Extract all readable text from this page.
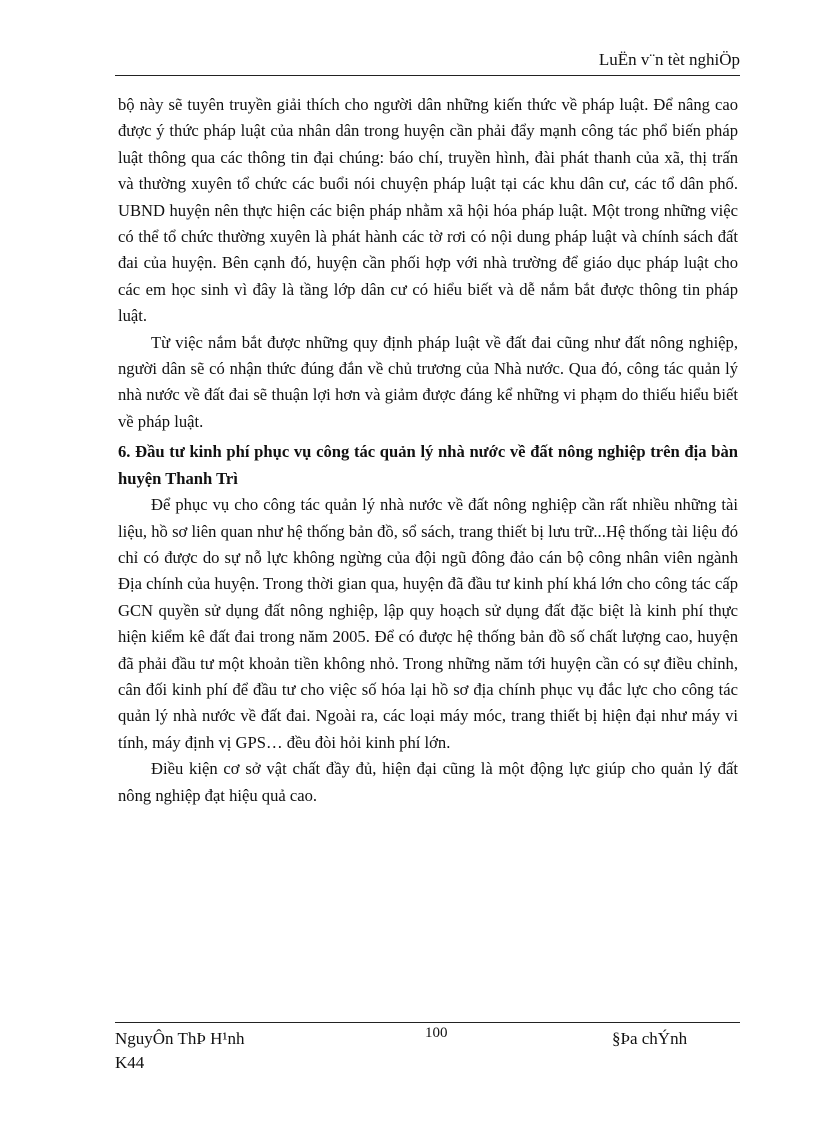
LuËn v¨n tèt nghiÖp

bộ này sẽ tuyên truyền giải thích cho người dân những kiến thức về pháp luật. Để nâng cao được ý thức pháp luật của nhân dân trong huyện cần phải đẩy mạnh công tác phổ biến pháp luật thông qua các thông tin đại chúng: báo chí, truyền hình, đài phát thanh của xã, thị trấn và thường xuyên tổ chức các buổi nói chuyện pháp luật tại các khu dân cư, các tổ dân phố. UBND huyện nên thực hiện các biện pháp nhằm xã hội hóa pháp luật. Một trong những việc có thể tổ chức thường xuyên là phát hành các tờ rơi có nội dung pháp luật và chính sách đất đai của huyện. Bên cạnh đó, huyện cần phối hợp với nhà trường để giáo dục pháp luật cho các em học sinh vì đây là tầng lớp dân cư có hiểu biết và dễ nắm bắt được thông tin pháp luật.

Từ việc nắm bắt được những quy định pháp luật về đất đai cũng như đất nông nghiệp, người dân sẽ có nhận thức đúng đắn về chủ trương của Nhà nước. Qua đó, công tác quản lý nhà nước về đất đai sẽ thuận lợi hơn và giảm được đáng kể những vi phạm do thiếu hiểu biết về pháp luật.

6. Đầu tư kinh phí phục vụ công tác quản lý nhà nước về đất nông nghiệp trên địa bàn huyện Thanh Trì

Để phục vụ cho công tác quản lý nhà nước về đất nông nghiệp cần rất nhiều những tài liệu, hồ sơ liên quan như hệ thống bản đồ, sổ sách, trang thiết bị lưu trữ...Hệ thống tài liệu đó chỉ có được do sự nỗ lực không ngừng của đội ngũ đông đảo cán bộ công nhân viên ngành Địa chính của huyện. Trong thời gian qua, huyện đã đầu tư kinh phí khá lớn cho công tác cấp GCN quyền sử dụng đất nông nghiệp, lập quy hoạch sử dụng đất đặc biệt là kinh phí thực hiện kiểm kê đất đai trong năm 2005. Để có được hệ thống bản đồ số chất lượng cao, huyện đã phải đầu tư một khoản tiền không nhỏ. Trong những năm tới huyện cần có sự điều chỉnh, cân đối kinh phí để đầu tư cho việc số hóa lại hồ sơ địa chính phục vụ đắc lực cho công tác quản lý nhà nước về đất đai. Ngoài ra, các loại máy móc, trang thiết bị hiện đại như máy vi tính, máy định vị GPS… đều đòi hỏi kinh phí lớn.

Điều kiện cơ sở vật chất đầy đủ, hiện đại cũng là một động lực giúp cho quản lý đất nông nghiệp đạt hiệu quả cao.

NguyÔn ThÞ H¹nh
K44
100	§Þa chÝnh
